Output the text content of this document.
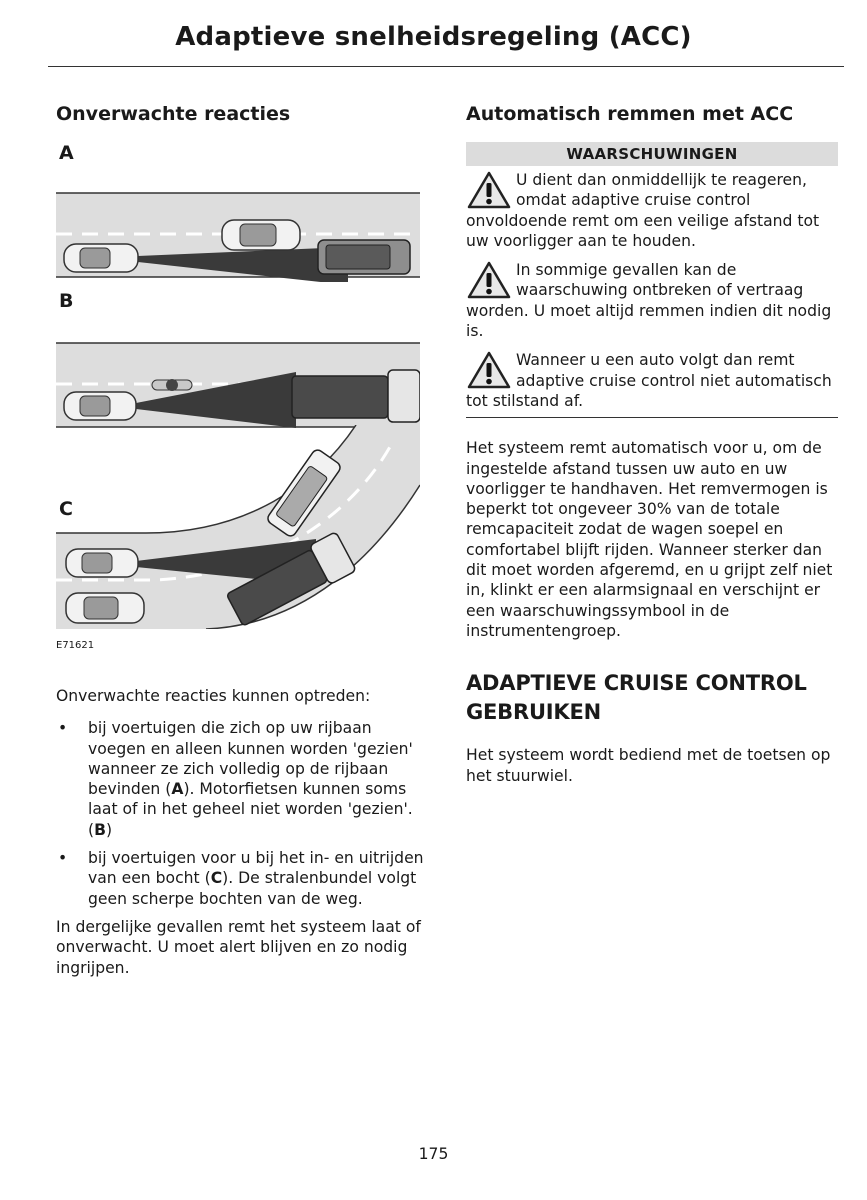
Adaptieve snelheidsregeling (ACC)
Onverwachte reacties
A
B
C
E71621

Onverwachte reacties kunnen optreden:

• bij voertuigen die zich op uw rijbaan voegen en alleen kunnen worden 'gezien' wanneer ze zich volledig op de rijbaan bevinden (A). Motorfietsen kunnen soms laat of in het geheel niet worden 'gezien'. (B)
• bij voertuigen voor u bij het in- en uitrijden van een bocht (C). De stralenbundel volgt geen scherpe bochten van de weg.

In dergelijke gevallen remt het systeem laat of onverwacht. U moet alert blijven en zo nodig ingrijpen.

Automatisch remmen met ACC
WAARSCHUWINGEN
U dient dan onmiddellijk te reageren, omdat adaptive cruise control onvoldoende remt om een veilige afstand tot uw voorligger aan te houden.
In sommige gevallen kan de waarschuwing ontbreken of vertraag worden. U moet altijd remmen indien dit nodig is.
Wanneer u een auto volgt dan remt adaptive cruise control niet automatisch tot stilstand af.

Het systeem remt automatisch voor u, om de ingestelde afstand tussen uw auto en uw voorligger te handhaven. Het remvermogen is beperkt tot ongeveer 30% van de totale remcapaciteit zodat de wagen soepel en comfortabel blijft rijden. Wanneer sterker dan dit moet worden afgeremd, en u grijpt zelf niet in, klinkt er een alarmsignaal en verschijnt er een waarschuwingssymbool in de instrumentengroep.

ADAPTIEVE CRUISE CONTROL GEBRUIKEN

Het systeem wordt bediend met de toetsen op het stuurwiel.

175
